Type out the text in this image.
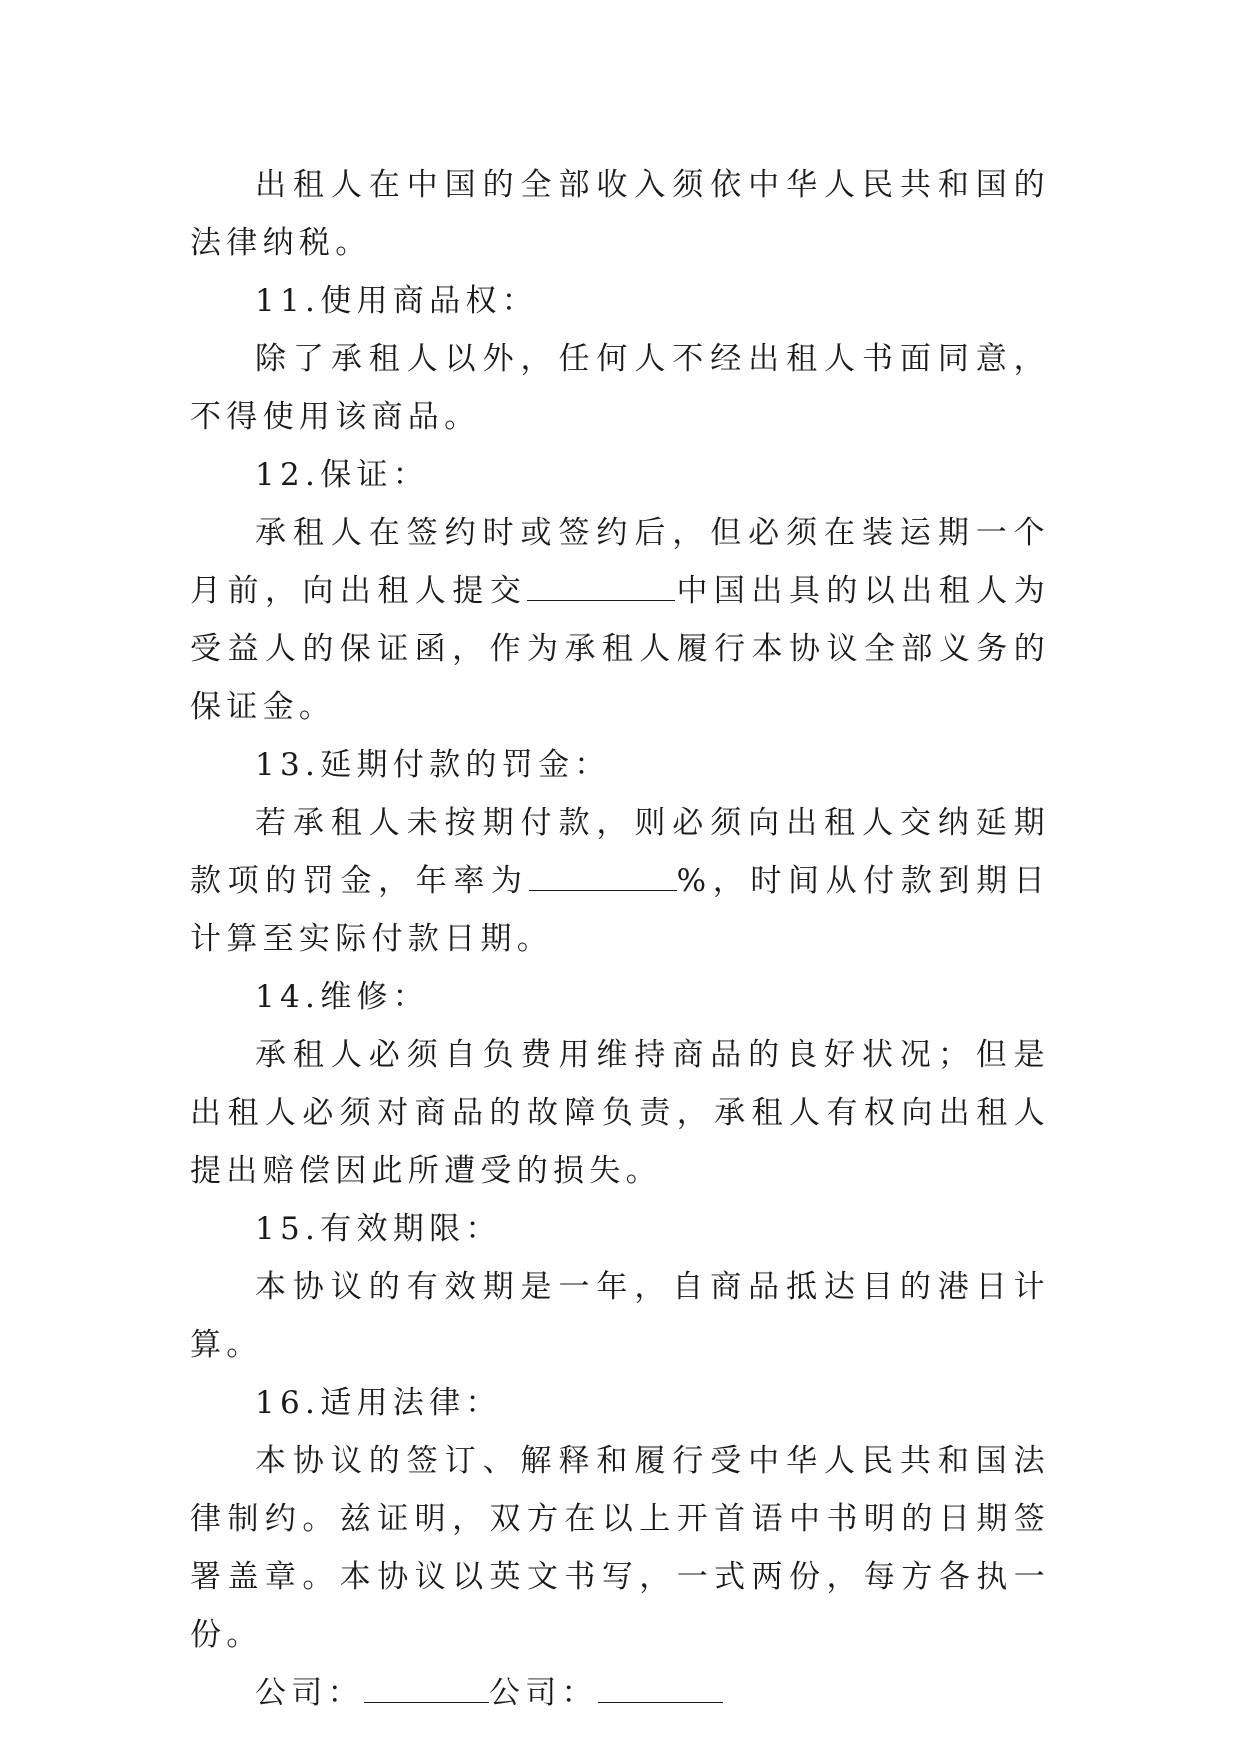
出租人在中国的全部收入须依中华人民共和国的法律纳税。

11.使用商品权：

除了承租人以外，任何人不经出租人书面同意，不得使用该商品。

12.保证：

承租人在签约时或签约后，但必须在装运期一个月前，向出租人提交	中国出具的以出租人为受益人的保证函，作为承租人履行本协议全部义务的保证金。

13.延期付款的罚金：

若承租人未按期付款，则必须向出租人交纳延期款项的罚金，年率为	%，时间从付款到期日计算至实际付款日期。

14.维修：

承租人必须自负费用维持商品的良好状况；但是出租人必须对商品的故障负责，承租人有权向出租人提出赔偿因此所遭受的损失。

15.有效期限：

本协议的有效期是一年，自商品抵达目的港日计算。

16.适用法律：

本协议的签订、解释和履行受中华人民共和国法律制约。兹证明，双方在以上开首语中书明的日期签署盖章。本协议以英文书写，一式两份，每方各执一份。

公司：	公司：
